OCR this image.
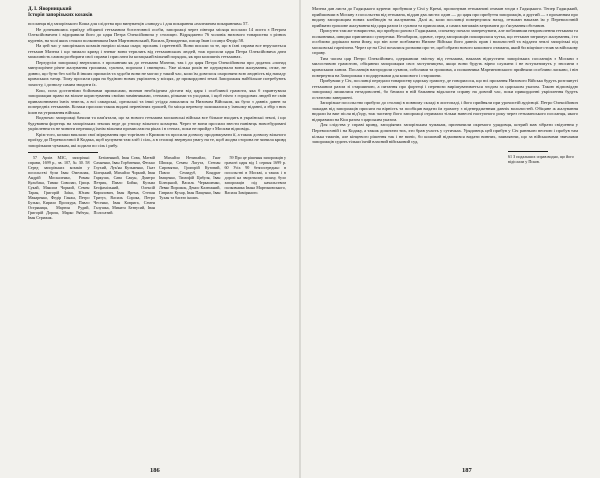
Д. І. Яворницький
Історія запорізьких козаків

посланця від запорізького Коша для слідства про винуватців «заводу» і для покарання «належним покаранням» 57.

Не дочекавшись приїзду обіцяної гетьманом боєготовної особи, запорожці через півтора місяця послали 14 листа з Петром Олексійовичем і відправили його до царя Петра Олексійовича у столицю. Відряджено 76 чоловік низового товариства з різних куренів, на чолі яких стояли полковником Іван Мартиновський, Василь Демиденко, писар Іван і осавул Федір 58.

На цей час у запорізьких козаків назріло кілька скарг, прохань і претензій. Вони писали за те, що в їхні справи все втручається гетьман Мазепа і що чимало кривд і зневаг вони терплять від гетьманських людей, тож просили царя Петра Олексійовича дати можливість самим розбирати свої справи і прислати їм козацький вільний порядок, як при колишніх гетьманах.

Передусім запорожці звертались з проханням як до гетьмана Мазепи, так і до царя Петра Олексійовича про додаток «понад минулорічне річне жалування грошима, сукном, порохом і свинцем». Уже кілька років не одержували вони жалування, отже, не дивно, що бути без хліба й інших припасів та худоби вони не могли у такий час, коли їм довелося охороняти всю людність від нападу кримських татар. Тому просили царя на будівлю нових укріплень у місцях, де прикордонні землі Запорожжя найбільше потребують захисту, і дозволу самим зводити їх.

Кош, поза достатніми бойовими припасами, визнав необхідним дістати від царя і особливої грамоти, яка б гарантувала запорожцям право на вільне користування своїми зимівниками, степами, річками та уходами, і щоб ніхто з городових людей не смів привласнювати їхніх земель, а всі самарські, орельські та інші угіддя лишалися за Низовим Військом, як було з давніх давен за попередніх гетьманів. Козаки просили також видачі перевізних грошей, бо місця перевозу залишалися у їхньому віданні, а збір з них ішов на утримання війська.

Водночас запорожці бачили та пам'ятали, що за нового гетьмана московські війська все більше входять в українські землі, і що будування фортець на запорізьких землях веде до утиску вільного козацтва. Через те вони просили звести нанівець новозбудовані укріплення та не чинити перешкод їхнім вільним промислам на ріках і в степах, поки не прийде з Москви відповідь.

Крім того, козаки виклали свої міркування про торгівлю з Кримом та просили дозволу продовжувати її, а також дозволу вільного проїзду до Переволочної й Кодака, щоб купувати там хліб і сіль, а в столиці звернули увагу на те, щоб жодна сторона не чинила кривд запорізьким чумакам, які ходили по сіль і рибу.

57 Архів МЗС, запорізькі справи, 1699 р., зв. 107, № 30. 58 Серед запорізьких козаків у посольстві були Іван Омельчак, Андрій Москаленко, Роман Кульбака, Тимко Сиволап, Гриць Сукай, Максим Чорний, Семен Таран, Григорій Заїка, Юхим Макаренко, Федір Ганжа, Петро Бузько, Кирило Проскура, Павло Остряниця, Мартин Рудий, Григорій Дорош, Марко Рябчун, Іван Стрижак.

Безіменний, Іван Сова, Матвій Сахненко, Іван Горбатенко, Фесько Глухий, Лук'ян Кузьменко, Гнат Білецький, Михайло Чорний, Іван Гаркуша, Сава Сакун, Дмитро Петрик, Павло Бойко, Кузьма Бесфамільний, Олексій Кирилович, Іван Ярема, Степан Тритуз, Василь Сорока, Петро Чесенко, Іван Коврига, Семен Галушка, Микита Безвусий, Іван Полосатий.

Михайло Нечипайло, Гнат Шпиця, Семен Лагута, Степан Сиромятко, Григорій Кутовий, Павло Семидуб, Кондрат Іващенко, Тимофій Цибуля, Іван Білецький, Василь Черкашенко, Левко Пирожок, Денис Калюжний, Гаврило Кухар, Іван Пащенко, Іван Тухан та багато інших.

59 Про це рішення запорожців у грамоті царя від 1 серпня 1699 р. 60 Усіх 90 безпосередньо в посольстві в Москві, а також і в дорозі на зворотному шляху, було запорожців під начальством полковника Івана Мартиновського, Василя Заміряного.

186

Мазепа дав листа до Гадяцького курени: пробувши у Січі у Кремi, пропонував гетьманові отаман згоди з Гадяцького. Тепер Гадяцький, прийшовши в Москву з посольства від гетьмана, віддав два листи: один — до царя про прибуття запорожців, а другий — з проханням про видачу запорожцям нових клейнодів та жалування. Далі ж, коли посланці повернулися назад, гетьман наказав їм у Переволочній приймати грошове жалування від царя разом із сукном та припасами, а самих ватажків затримати до з'ясування обставин.

Присутнє там же товариство, що прибуло разом з Гадяцьким, спочатку почало заперечувати, але побачивши невдоволення гетьмана та полковника, швидко припинило суперечки. Незабаром, одначе, серед запорожців поширилася чутка, що гетьман затримує жалування, і то особливо дорікали вони йому, що він хоче позбавити Низове Військо його давніх прав і вольностей та віддати землі запорізькі під московські гарнізони. Через це на Січі почалися розмови про те, щоб обрати нового кошового отамана, який би міцніше стояв за військову справу.

Тим часом цар Петро Олексійович, одержавши звістку від гетьмана, наказав відпустити запорізьких посланців з Москви з милостивою грамотою, обіцяючи запорожцям своє заступництво, якщо вони будуть вірно служити і не вступатимуть у зносини з кримським ханом. Посланців нагородили сукном, соболями та грошима, а полковника Мартиновського прийняли особливо ласкаво, і він повернувся на Запорожжя з подарунками для кошового і старшини.

Прибувши у Січ, посланці передали товариству царську грамоту, де говорилося, що всі прохання Низового Війська будуть розглянуті гетьманом разом зі старшиною, а питання про фортеці і перевози вирішуватиметься згодом за царським указом. Такою відповіддю запорожці лишилися незадоволені, бо бачили в ній бажання відкласти справу на довгий час, поки прикордонні укріплення будуть остаточно завершені.

Запорізьке посольство прибуло до столиці в повному складі в листопаді, і його прийняли при урочистій аудієнції. Петро Олексійович зажадав від запорожців присяги на вірність та пообіцяв видати їм грамоту з підтвердженням давніх вольностей. Обіцяне ж жалування видали їм вже після від'їзду, тож частину його запорожці отримали тільки навесні наступного року через гетьманського посланця, якого відправили на Кіш разом з царським указом.

Для слідства у справі кривд, заподіяних запорізьким чумакам, призначили окремого урядовця, котрий мав зібрати свідчення у Переволочній і на Кодаку, а також допитати тих, хто брав участь у сутичках. Урядовець цей прибув у Січ ранньою весною і пробув там кілька тижнів, але кінцевого рішення так і не виніс, бо кошовий відмовився видати винних, заявляючи, що за військовими звичаями запорожців судить тільки їхній власний військовий суд.

61 З подальших справ видно, що його відіслали у Псков.
187
